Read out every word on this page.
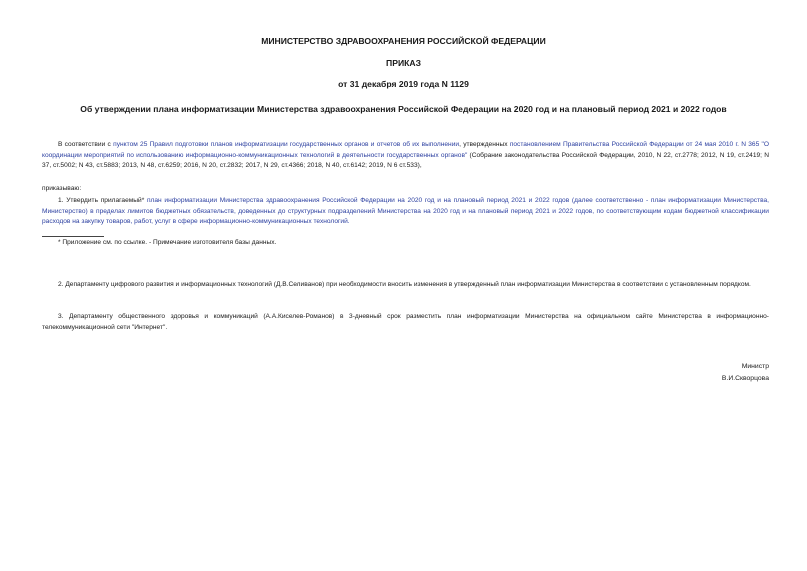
МИНИСТЕРСТВО ЗДРАВООХРАНЕНИЯ РОССИЙСКОЙ ФЕДЕРАЦИИ
ПРИКАЗ
от 31 декабря 2019 года N 1129
Об утверждении плана информатизации Министерства здравоохранения Российской Федерации на 2020 год и на плановый период 2021 и 2022 годов

В соответствии с пунктом 25 Правил подготовки планов информатизации государственных органов и отчетов об их выполнении, утвержденных постановлением Правительства Российской Федерации от 24 мая 2010 г. N 365 "О координации мероприятий по использованию информационно-коммуникационных технологий в деятельности государственных органов" (Собрание законодательства Российской Федерации, 2010, N 22, ст.2778; 2012, N 19, ст.2419; N 37, ст.5002; N 43, ст.5883; 2013, N 48, ст.6259; 2016, N 20, ст.2832; 2017, N 29, ст.4366; 2018, N 40, ст.6142; 2019, N 6 ст.533),

приказываю:

1. Утвердить прилагаемый* план информатизации Министерства здравоохранения Российской Федерации на 2020 год и на плановый период 2021 и 2022 годов (далее соответственно - план информатизации Министерства, Министерство) в пределах лимитов бюджетных обязательств, доведенных до структурных подразделений Министерства на 2020 год и на плановый период 2021 и 2022 годов, по соответствующим кодам бюджетной классификации расходов на закупку товаров, работ, услуг в сфере информационно-коммуникационных технологий.

* Приложение см. по ссылке. - Примечание изготовителя базы данных.

2. Департаменту цифрового развития и информационных технологий (Д.В.Селиванов) при необходимости вносить изменения в утвержденный план информатизации Министерства в соответствии с установленным порядком.

3. Департаменту общественного здоровья и коммуникаций (А.А.Киселев-Романов) в 3-дневный срок разместить план информатизации Министерства на официальном сайте Министерства в информационно-телекоммуникационной сети "Интернет".

Министр
В.И.Скворцова
